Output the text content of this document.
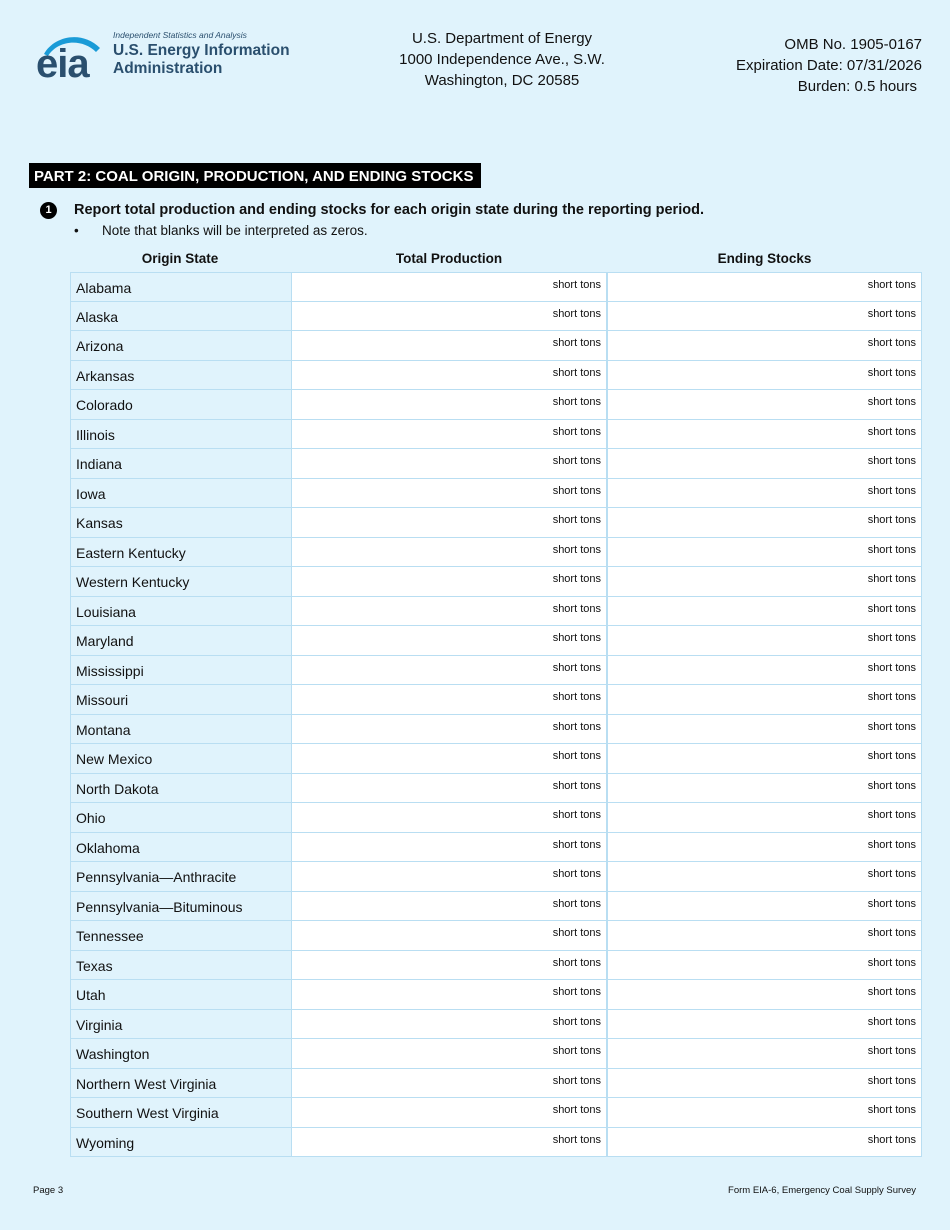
eia
Independent Statistics and Analysis
U.S. Energy Information
Administration
U.S. Department of Energy
1000 Independence Ave., S.W.
Washington, DC 20585
OMB No. 1905-0167
Expiration Date: 07/31/2026
Burden: 0.5 hours
PART 2: COAL ORIGIN, PRODUCTION, AND ENDING STOCKS
1	Report total production and ending stocks for each origin state during the reporting period.
• Note that blanks will be interpreted as zeros.
Origin State	Total Production	Ending Stocks
Alabama	short tons	short tons
Alaska	short tons	short tons
Arizona	short tons	short tons
Arkansas	short tons	short tons
Colorado	short tons	short tons
Illinois	short tons	short tons
Indiana	short tons	short tons
Iowa	short tons	short tons
Kansas	short tons	short tons
Eastern Kentucky	short tons	short tons
Western Kentucky	short tons	short tons
Louisiana	short tons	short tons
Maryland	short tons	short tons
Mississippi	short tons	short tons
Missouri	short tons	short tons
Montana	short tons	short tons
New Mexico	short tons	short tons
North Dakota	short tons	short tons
Ohio	short tons	short tons
Oklahoma	short tons	short tons
Pennsylvania—Anthracite	short tons	short tons
Pennsylvania—Bituminous	short tons	short tons
Tennessee	short tons	short tons
Texas	short tons	short tons
Utah	short tons	short tons
Virginia	short tons	short tons
Washington	short tons	short tons
Northern West Virginia	short tons	short tons
Southern West Virginia	short tons	short tons
Wyoming	short tons	short tons
Page 3	Form EIA-6, Emergency Coal Supply Survey
